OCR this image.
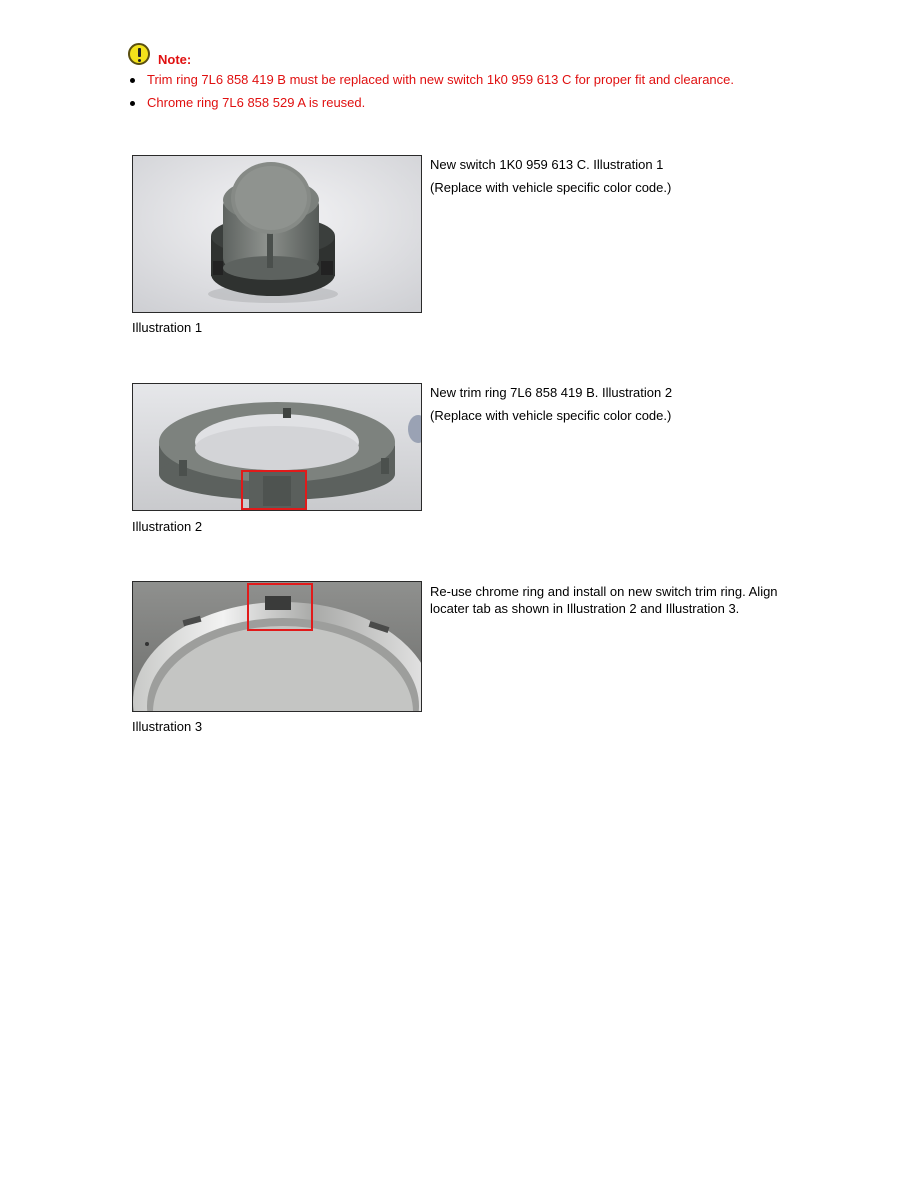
Note:
Trim ring 7L6 858 419 B must be replaced with new switch 1k0 959 613 C for proper fit and clearance.
Chrome ring 7L6 858 529 A is reused.
Illustration 1

New switch 1K0 959 613 C. Illustration 1

(Replace with vehicle specific color code.)

Illustration 2

New trim ring 7L6 858 419 B. Illustration 2

(Replace with vehicle specific color code.)

Illustration 3

Re-use chrome ring and install on new switch trim ring. Align locater tab as shown in Illustration 2 and Illustration 3.
